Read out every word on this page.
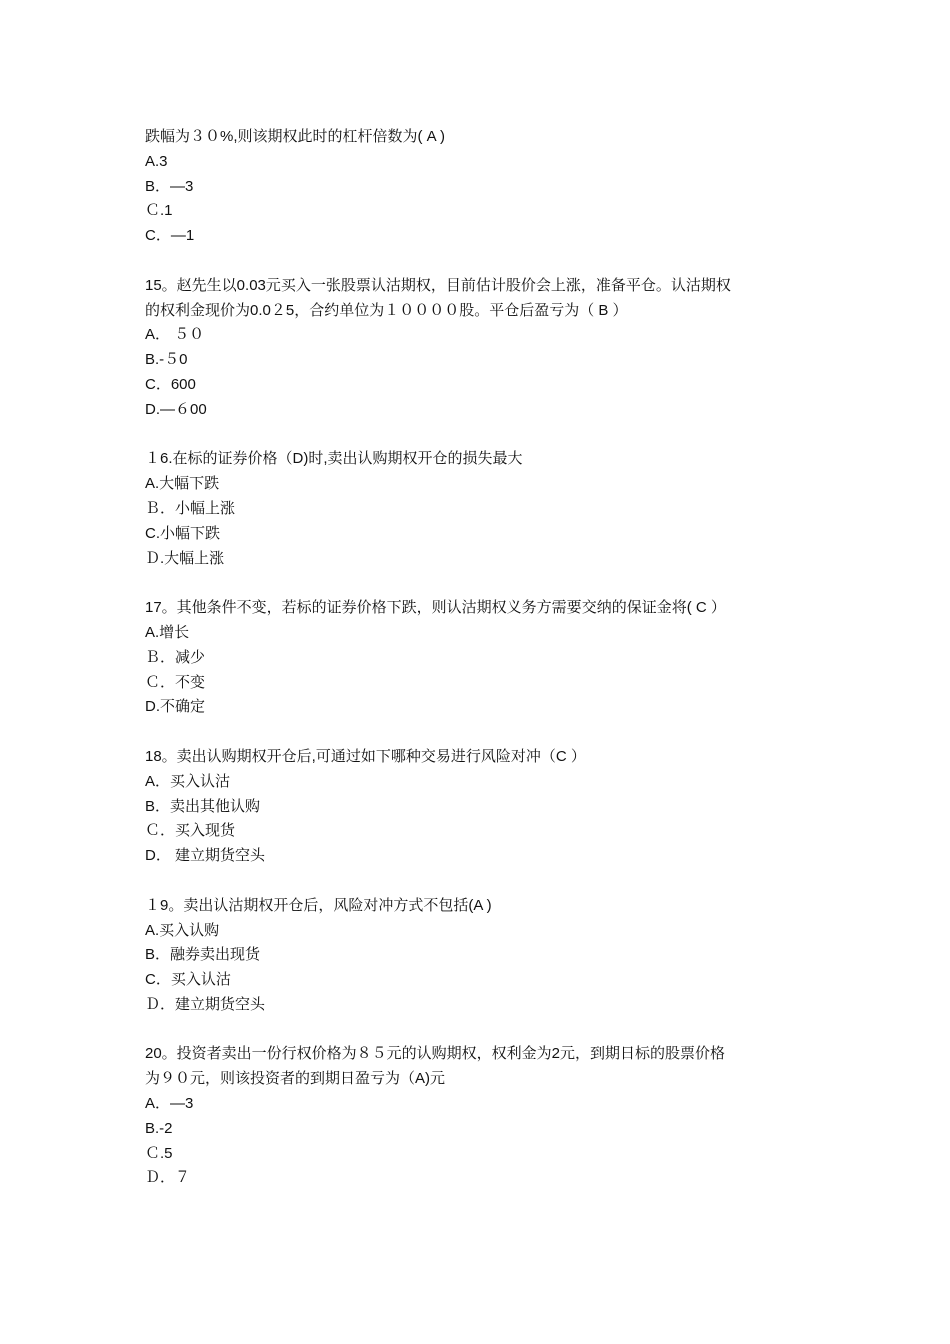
跌幅为３０%,则该期权此时的杠杆倍数为( A )
A.3
B．—3
Ｃ.1
C．—1
15。赵先生以0.03元买入一张股票认沽期权，目前估计股价会上涨，准备平仓。认沽期权
的权利金现价为0.0２5，合约单位为１００００股。平仓后盈亏为（ B ）
A． ５０
B.-５0
C．600
D.—６00
１6.在标的证券价格（D)时,卖出认购期权开仓的损失最大
A.大幅下跌
Ｂ．小幅上涨
C.小幅下跌
Ｄ.大幅上涨
17。其他条件不变，若标的证券价格下跌，则认沽期权义务方需要交纳的保证金将( C ）
A.增长
Ｂ．减少
Ｃ．不变
D.不确定
18。卖出认购期权开仓后,可通过如下哪种交易进行风险对冲（C ）
A．买入认沽
B．卖出其他认购
Ｃ．买入现货
D． 建立期货空头
１9。卖出认沽期权开仓后，风险对冲方式不包括(A )
A.买入认购
B．融券卖出现货
C．买入认沽
Ｄ．建立期货空头
20。投资者卖出一份行权价格为８５元的认购期权，权利金为2元，到期日标的股票价格
为９０元，则该投资者的到期日盈亏为（A)元
A．—3
B.-2
Ｃ.5
Ｄ．７
